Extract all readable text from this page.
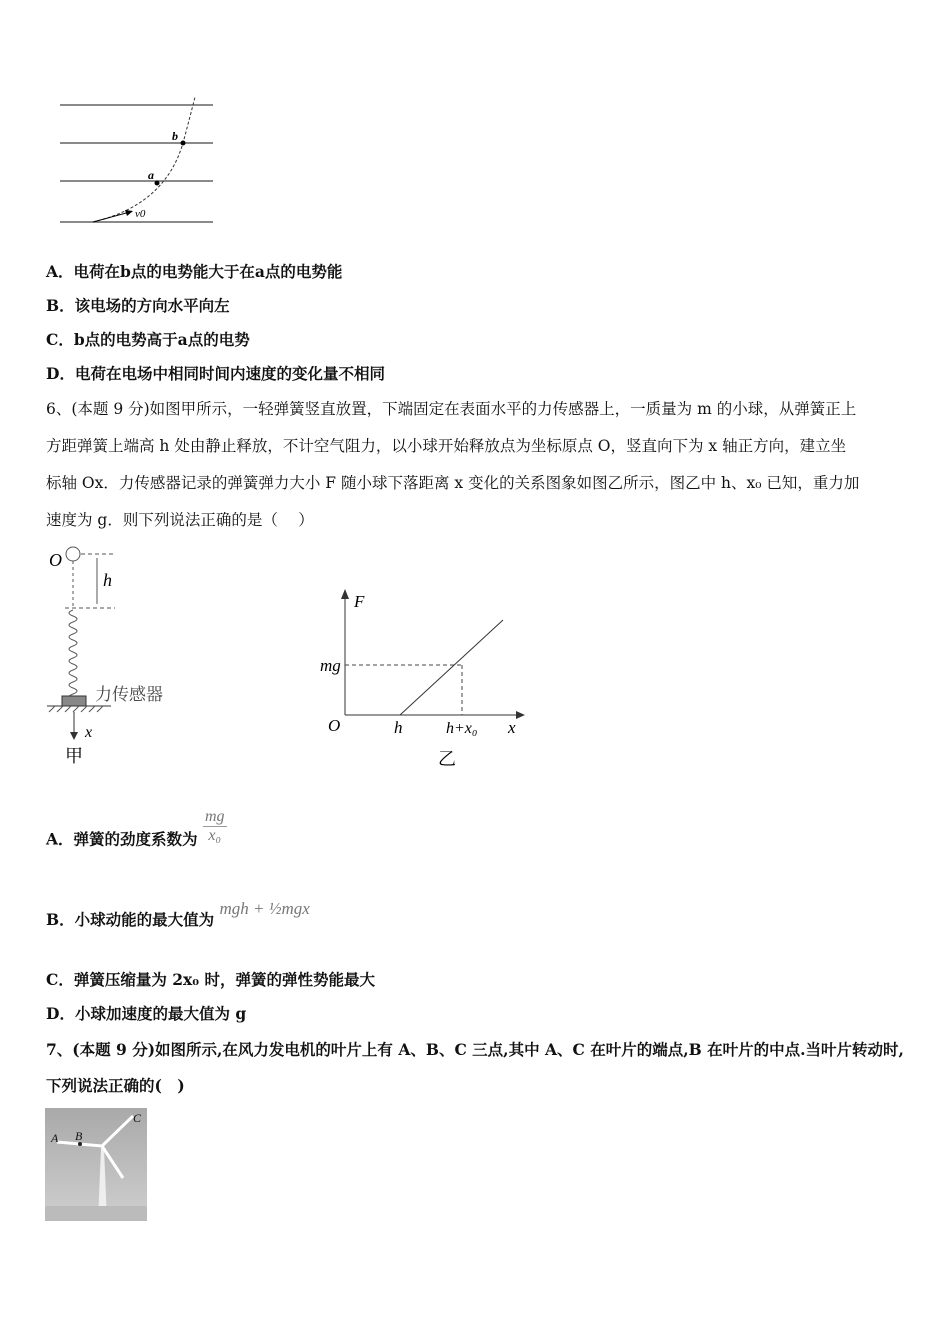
b
a
v0
A．电荷在b点的电势能大于在a点的电势能
B．该电场的方向水平向左
C．b点的电势高于a点的电势
D．电荷在电场中相同时间内速度的变化量不相同
6、(本题 9 分)如图甲所示，一轻弹簧竖直放置，下端固定在表面水平的力传感器上，一质量为 m 的小球，从弹簧正上
方距弹簧上端高 h 处由静止释放，不计空气阻力，以小球开始释放点为坐标原点 O，竖直向下为 x 轴正方向，建立坐
标轴 Ox．力传感器记录的弹簧弹力大小 F 随小球下落距离 x 变化的关系图象如图乙所示，图乙中 h、x₀ 已知，重力加
速度为 g．则下列说法正确的是（　 ）
O
h
力传感器
x
甲
F
mg
O	h	h+x₀ x
乙
A．弹簧的劲度系数为 $\frac{mg}{\text{x₀}}$
B．小球动能的最大值为 mgh + ½mgx
C．弹簧压缩量为 2x₀ 时，弹簧的弹性势能最大
D．小球加速度的最大值为 g
7、(本题 9 分)如图所示,在风力发电机的叶片上有 A、B、C 三点,其中 A、C 在叶片的端点,B 在叶片的中点.当叶片转动时,
下列说法正确的(　)
A B
C
